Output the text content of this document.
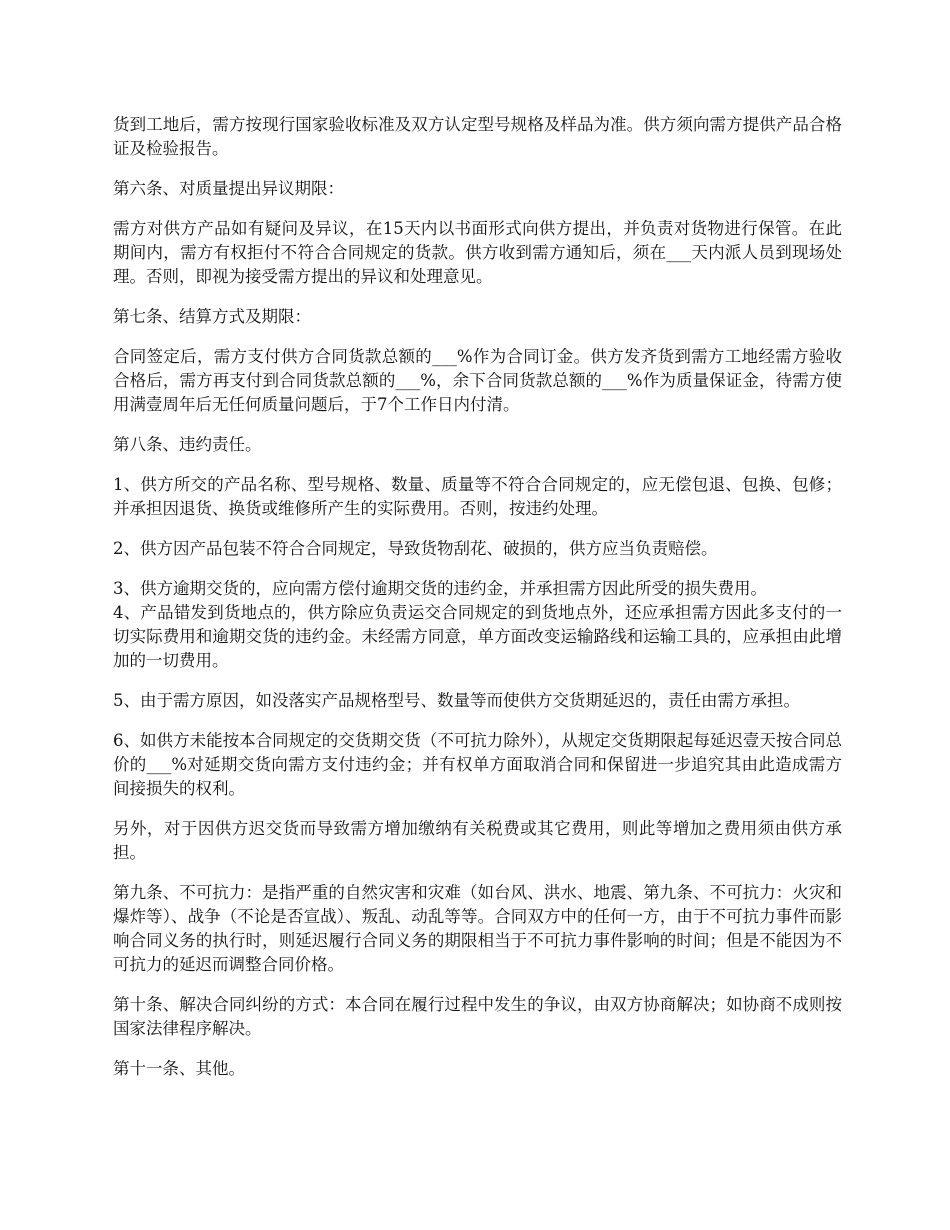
货到工地后，需方按现行国家验收标准及双方认定型号规格及样品为准。供方须向需方提供产品合格证及检验报告。

第六条、对质量提出异议期限：

需方对供方产品如有疑问及异议，在15天内以书面形式向供方提出，并负责对货物进行保管。在此期间内，需方有权拒付不符合合同规定的货款。供方收到需方通知后，须在___天内派人员到现场处理。否则，即视为接受需方提出的异议和处理意见。

第七条、结算方式及期限：

合同签定后，需方支付供方合同货款总额的___%作为合同订金。供方发齐货到需方工地经需方验收合格后，需方再支付到合同货款总额的___%，余下合同货款总额的___%作为质量保证金，待需方使用满壹周年后无任何质量问题后，于7个工作日内付清。

第八条、违约责任。

1、供方所交的产品名称、型号规格、数量、质量等不符合合同规定的，应无偿包退、包换、包修；并承担因退货、换货或维修所产生的实际费用。否则，按违约处理。

2、供方因产品包装不符合合同规定，导致货物刮花、破损的，供方应当负责赔偿。

3、供方逾期交货的，应向需方偿付逾期交货的违约金，并承担需方因此所受的损失费用。

4、产品错发到货地点的，供方除应负责运交合同规定的到货地点外，还应承担需方因此多支付的一切实际费用和逾期交货的违约金。未经需方同意，单方面改变运输路线和运输工具的，应承担由此增加的一切费用。

5、由于需方原因，如没落实产品规格型号、数量等而使供方交货期延迟的，责任由需方承担。

6、如供方未能按本合同规定的交货期交货（不可抗力除外），从规定交货期限起每延迟壹天按合同总价的___%对延期交货向需方支付违约金；并有权单方面取消合同和保留进一步追究其由此造成需方间接损失的权利。

另外，对于因供方迟交货而导致需方增加缴纳有关税费或其它费用，则此等增加之费用须由供方承担。

第九条、不可抗力：是指严重的自然灾害和灾难（如台风、洪水、地震、第九条、不可抗力：火灾和爆炸等）、战争（不论是否宣战）、叛乱、动乱等等。合同双方中的任何一方，由于不可抗力事件而影响合同义务的执行时，则延迟履行合同义务的期限相当于不可抗力事件影响的时间；但是不能因为不可抗力的延迟而调整合同价格。

第十条、解决合同纠纷的方式：本合同在履行过程中发生的争议，由双方协商解决；如协商不成则按国家法律程序解决。

第十一条、其他。
